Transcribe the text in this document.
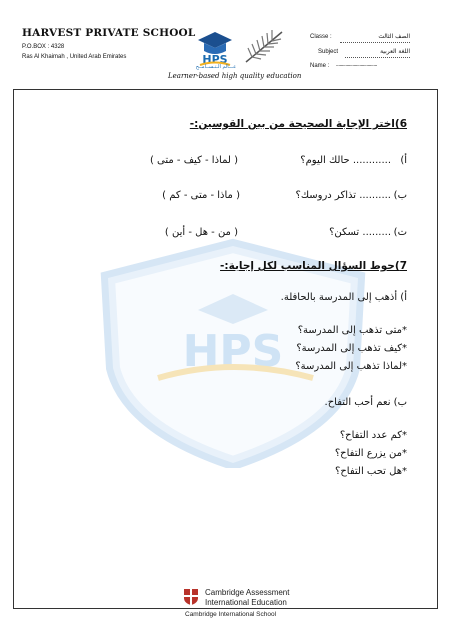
HARVEST PRIVATE SCHOOL
P.O.BOX : 4328
Ras Al Khaimah , United Arab Emirates	HPS
عـــالم الـتـســامــح
Learner-based high quality education
Classe :	الصف الثالث
Subject	اللغة العربية
Name : ...................................
HPS
6)اختر الإجابة الصحيحة من بين القوسين:-
أ)
............ حالك اليوم؟
( لماذا - كيف - متى )
ب)
.......... تذاكر دروسك؟
( ماذا - متى - كم )
ت)
......... تسكن؟
( من - هل - أين )
7)حوط السؤال المناسب لكل إجابة:-
أ) أذهب إلى المدرسة بالحافلة.
*متى تذهب إلى المدرسة؟
*كيف تذهب إلى المدرسة؟
*لماذا تذهب إلى المدرسة؟
ب) نعم أحب التفاح.
*كم عدد التفاح؟
*من يزرع التفاح؟
*هل تحب التفاح؟
Cambridge Assessment
International Education
Cambridge International School
